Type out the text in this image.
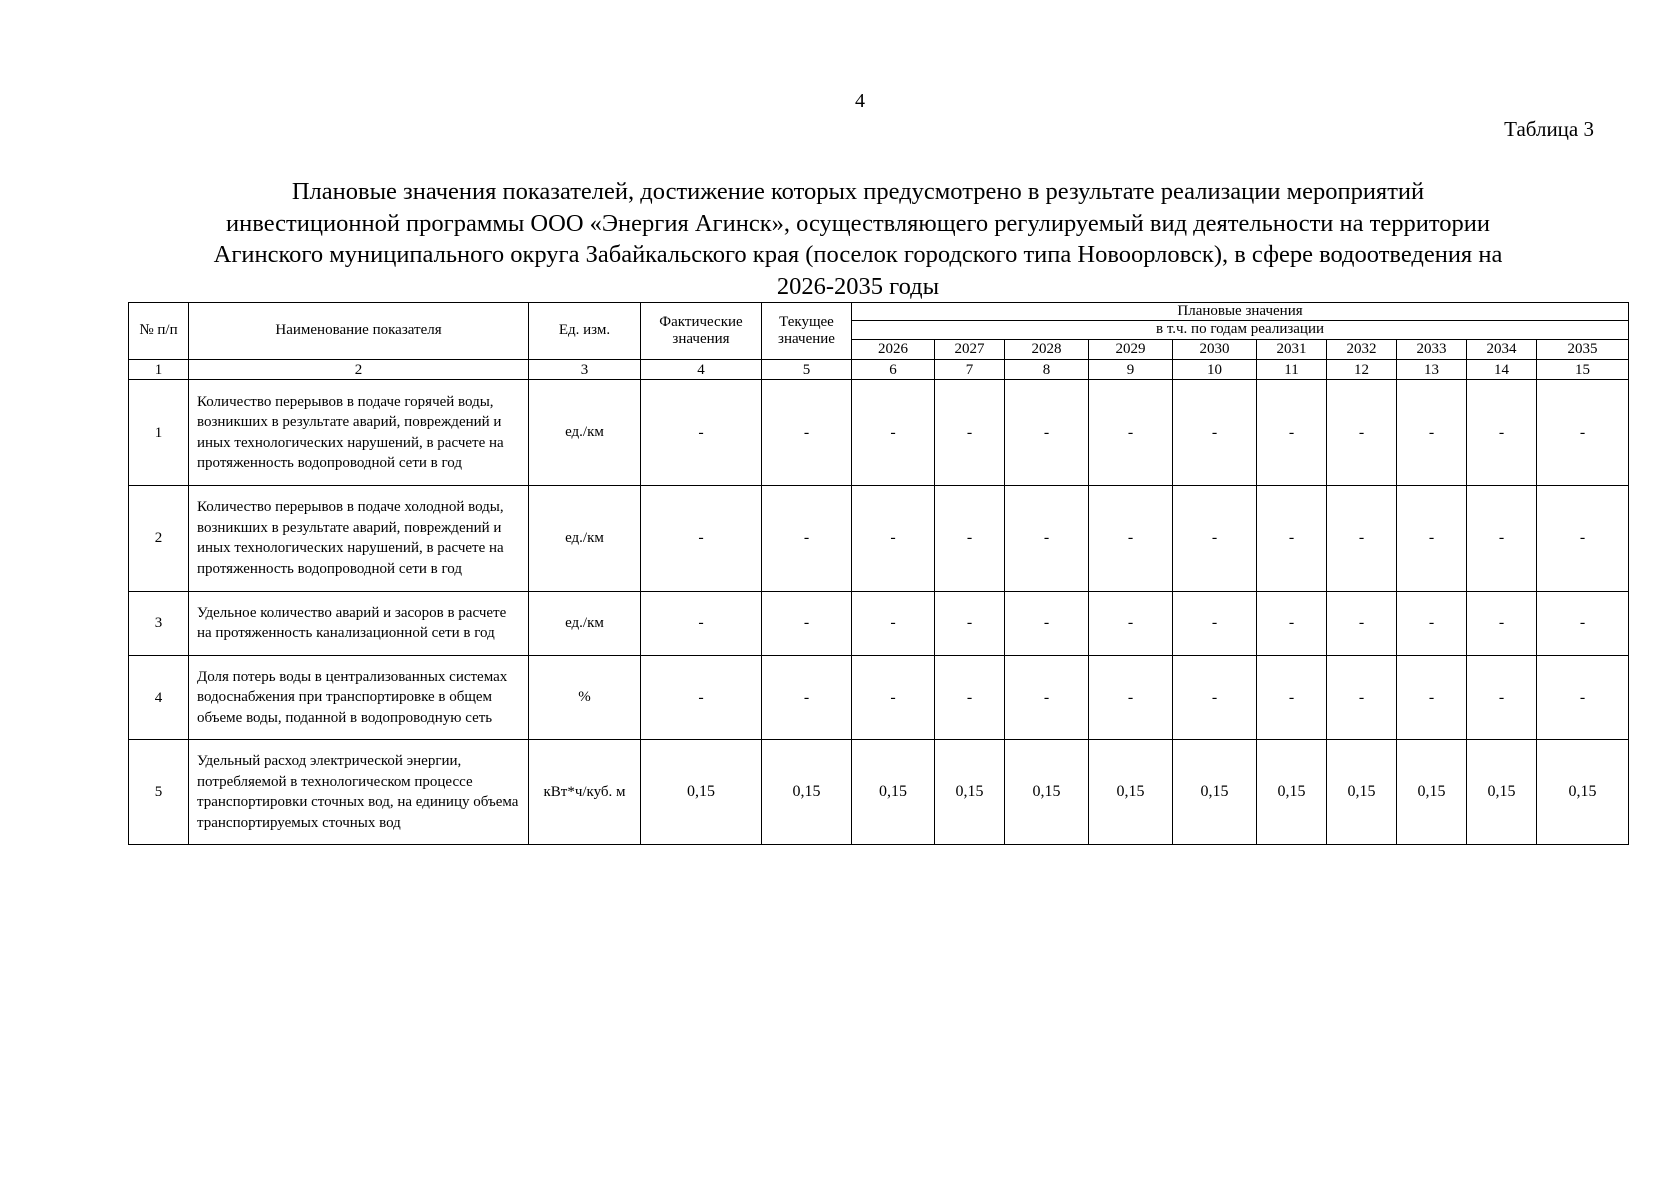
4
Таблица 3
Плановые значения показателей, достижение которых предусмотрено в результате реализации мероприятий
инвестиционной программы ООО «Энергия Агинск», осуществляющего регулируемый вид деятельности на территории
Агинского муниципального округа Забайкальского края (поселок городского типа Новоорловск), в сфере водоотведения на
2026-2035 годы
№ п/п	Наименование показателя	Ед. изм.	Фактические значения	Текущее значение	Плановые значения									
					в т.ч. по годам реализации									
					2026	2027	2028	2029	2030	2031	2032	2033	2034	2035
1	2	3	4	5	6	7	8	9	10	11	12	13	14	15
1	Количество перерывов в подаче горячей воды, возникших в результате аварий, повреждений и иных технологических нарушений, в расчете на протяженность водопроводной сети в год	ед./км	-	-	-	-	-	-	-	-	-	-	-	-
2	Количество перерывов в подаче холодной воды, возникших в результате аварий, повреждений и иных технологических нарушений, в расчете на протяженность водопроводной сети в год	ед./км	-	-	-	-	-	-	-	-	-	-	-	-
3	Удельное количество аварий и засоров в расчете на протяженность канализационной сети в год	ед./км	-	-	-	-	-	-	-	-	-	-	-	-
4	Доля потерь воды в централизованных системах водоснабжения при транспортировке в общем объеме воды, поданной в водопроводную сеть	%	-	-	-	-	-	-	-	-	-	-	-	-
5	Удельный расход электрической энергии, потребляемой в технологическом процессе транспортировки сточных вод, на единицу объема транспортируемых сточных вод	кВт*ч/куб. м	0,15	0,15	0,15	0,15	0,15	0,15	0,15	0,15	0,15	0,15	0,15	0,15
